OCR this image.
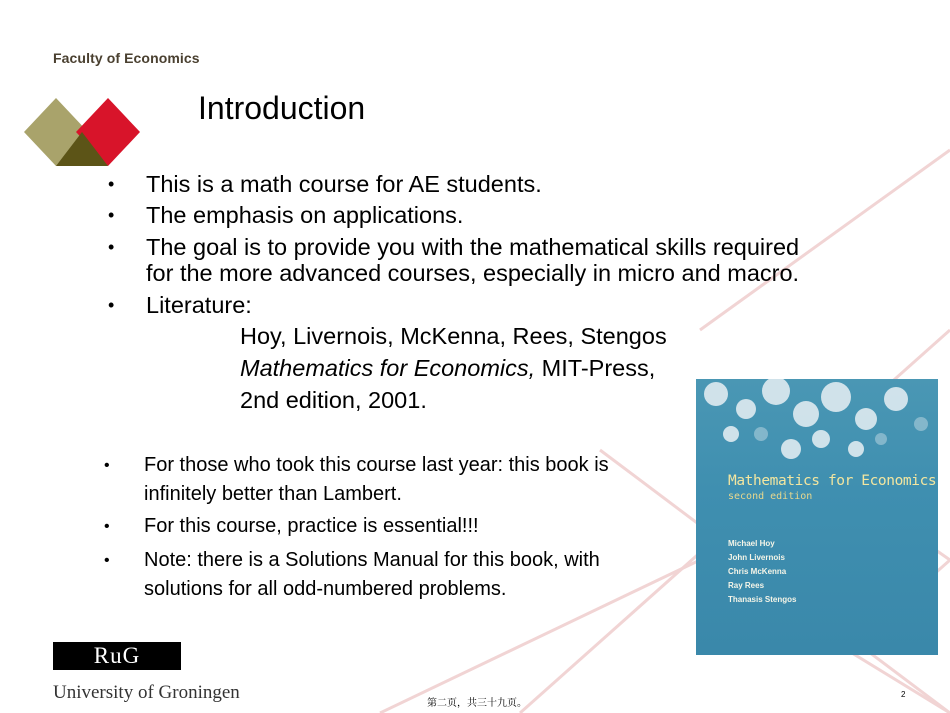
Faculty of Economics
Introduction
• This is a math course for AE students.
• The emphasis on applications.
• The goal is to provide you with the mathematical skills required
for the more advanced courses, especially in micro and macro.
• Literature:
Hoy, Livernois, McKenna, Rees, Stengos
Mathematics for Economics, MIT-Press,
2nd edition, 2001.
• For those who took this course last year: this book is
infinitely better than Lambert.
• For this course, practice is essential!!!
• Note: there is a Solutions Manual for this book, with
solutions for all odd-numbered problems.
Mathematics for Economics
second edition
Michael Hoy
John Livernois
Chris McKenna
Ray Rees
Thanasis Stengos
RuG
University of Groningen
第二页，共三十九页。
2
